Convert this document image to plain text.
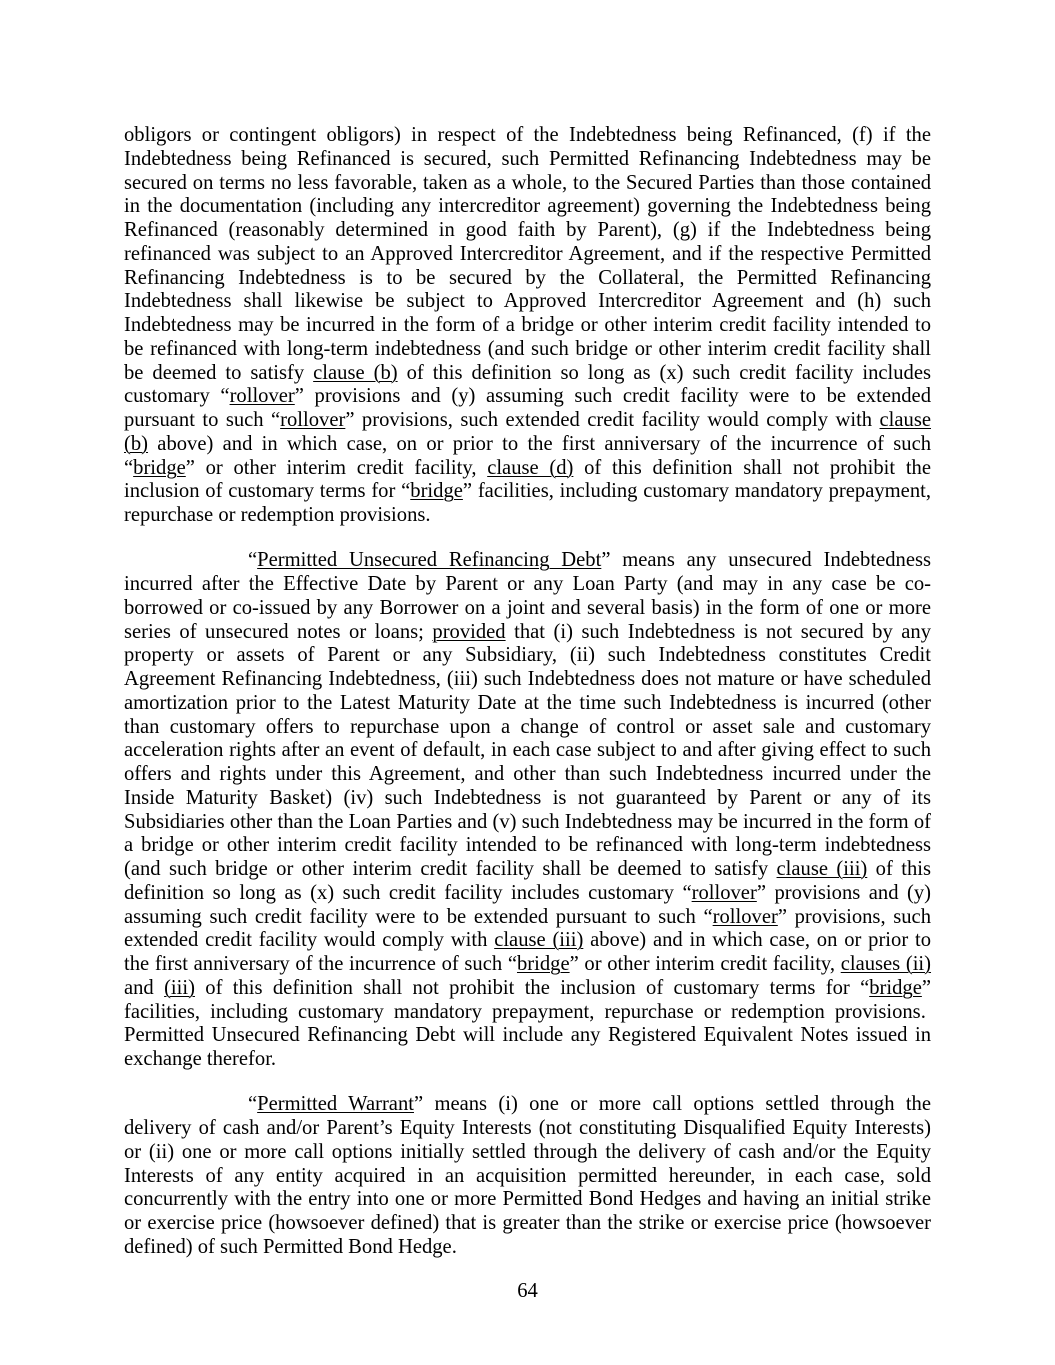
obligors or contingent obligors) in respect of the Indebtedness being Refinanced, (f) if the Indebtedness being Refinanced is secured, such Permitted Refinancing Indebtedness may be secured on terms no less favorable, taken as a whole, to the Secured Parties than those contained in the documentation (including any intercreditor agreement) governing the Indebtedness being Refinanced (reasonably determined in good faith by Parent), (g) if the Indebtedness being refinanced was subject to an Approved Intercreditor Agreement, and if the respective Permitted Refinancing Indebtedness is to be secured by the Collateral, the Permitted Refinancing Indebtedness shall likewise be subject to Approved Intercreditor Agreement and (h) such Indebtedness may be incurred in the form of a bridge or other interim credit facility intended to be refinanced with long-term indebtedness (and such bridge or other interim credit facility shall be deemed to satisfy clause (b) of this definition so long as (x) such credit facility includes customary “rollover” provisions and (y) assuming such credit facility were to be extended pursuant to such “rollover” provisions, such extended credit facility would comply with clause (b) above) and in which case, on or prior to the first anniversary of the incurrence of such “bridge” or other interim credit facility, clause (d) of this definition shall not prohibit the inclusion of customary terms for “bridge” facilities, including customary mandatory prepayment, repurchase or redemption provisions.

“Permitted Unsecured Refinancing Debt” means any unsecured Indebtedness incurred after the Effective Date by Parent or any Loan Party (and may in any case be co-borrowed or co-issued by any Borrower on a joint and several basis) in the form of one or more series of unsecured notes or loans; provided that (i) such Indebtedness is not secured by any property or assets of Parent or any Subsidiary, (ii) such Indebtedness constitutes Credit Agreement Refinancing Indebtedness, (iii) such Indebtedness does not mature or have scheduled amortization prior to the Latest Maturity Date at the time such Indebtedness is incurred (other than customary offers to repurchase upon a change of control or asset sale and customary acceleration rights after an event of default, in each case subject to and after giving effect to such offers and rights under this Agreement, and other than such Indebtedness incurred under the Inside Maturity Basket) (iv) such Indebtedness is not guaranteed by Parent or any of its Subsidiaries other than the Loan Parties and (v) such Indebtedness may be incurred in the form of a bridge or other interim credit facility intended to be refinanced with long-term indebtedness (and such bridge or other interim credit facility shall be deemed to satisfy clause (iii) of this definition so long as (x) such credit facility includes customary “rollover” provisions and (y) assuming such credit facility were to be extended pursuant to such “rollover” provisions, such extended credit facility would comply with clause (iii) above) and in which case, on or prior to the first anniversary of the incurrence of such “bridge” or other interim credit facility, clauses (ii) and (iii) of this definition shall not prohibit the inclusion of customary terms for “bridge” facilities, including customary mandatory prepayment, repurchase or redemption provisions.  Permitted Unsecured Refinancing Debt will include any Registered Equivalent Notes issued in exchange therefor.

“Permitted Warrant” means (i) one or more call options settled through the delivery of cash and/or Parent’s Equity Interests (not constituting Disqualified Equity Interests) or (ii) one or more call options initially settled through the delivery of cash and/or the Equity Interests of any entity acquired in an acquisition permitted hereunder, in each case, sold concurrently with the entry into one or more Permitted Bond Hedges and having an initial strike or exercise price (howsoever defined) that is greater than the strike or exercise price (howsoever defined) of such Permitted Bond Hedge.

64
